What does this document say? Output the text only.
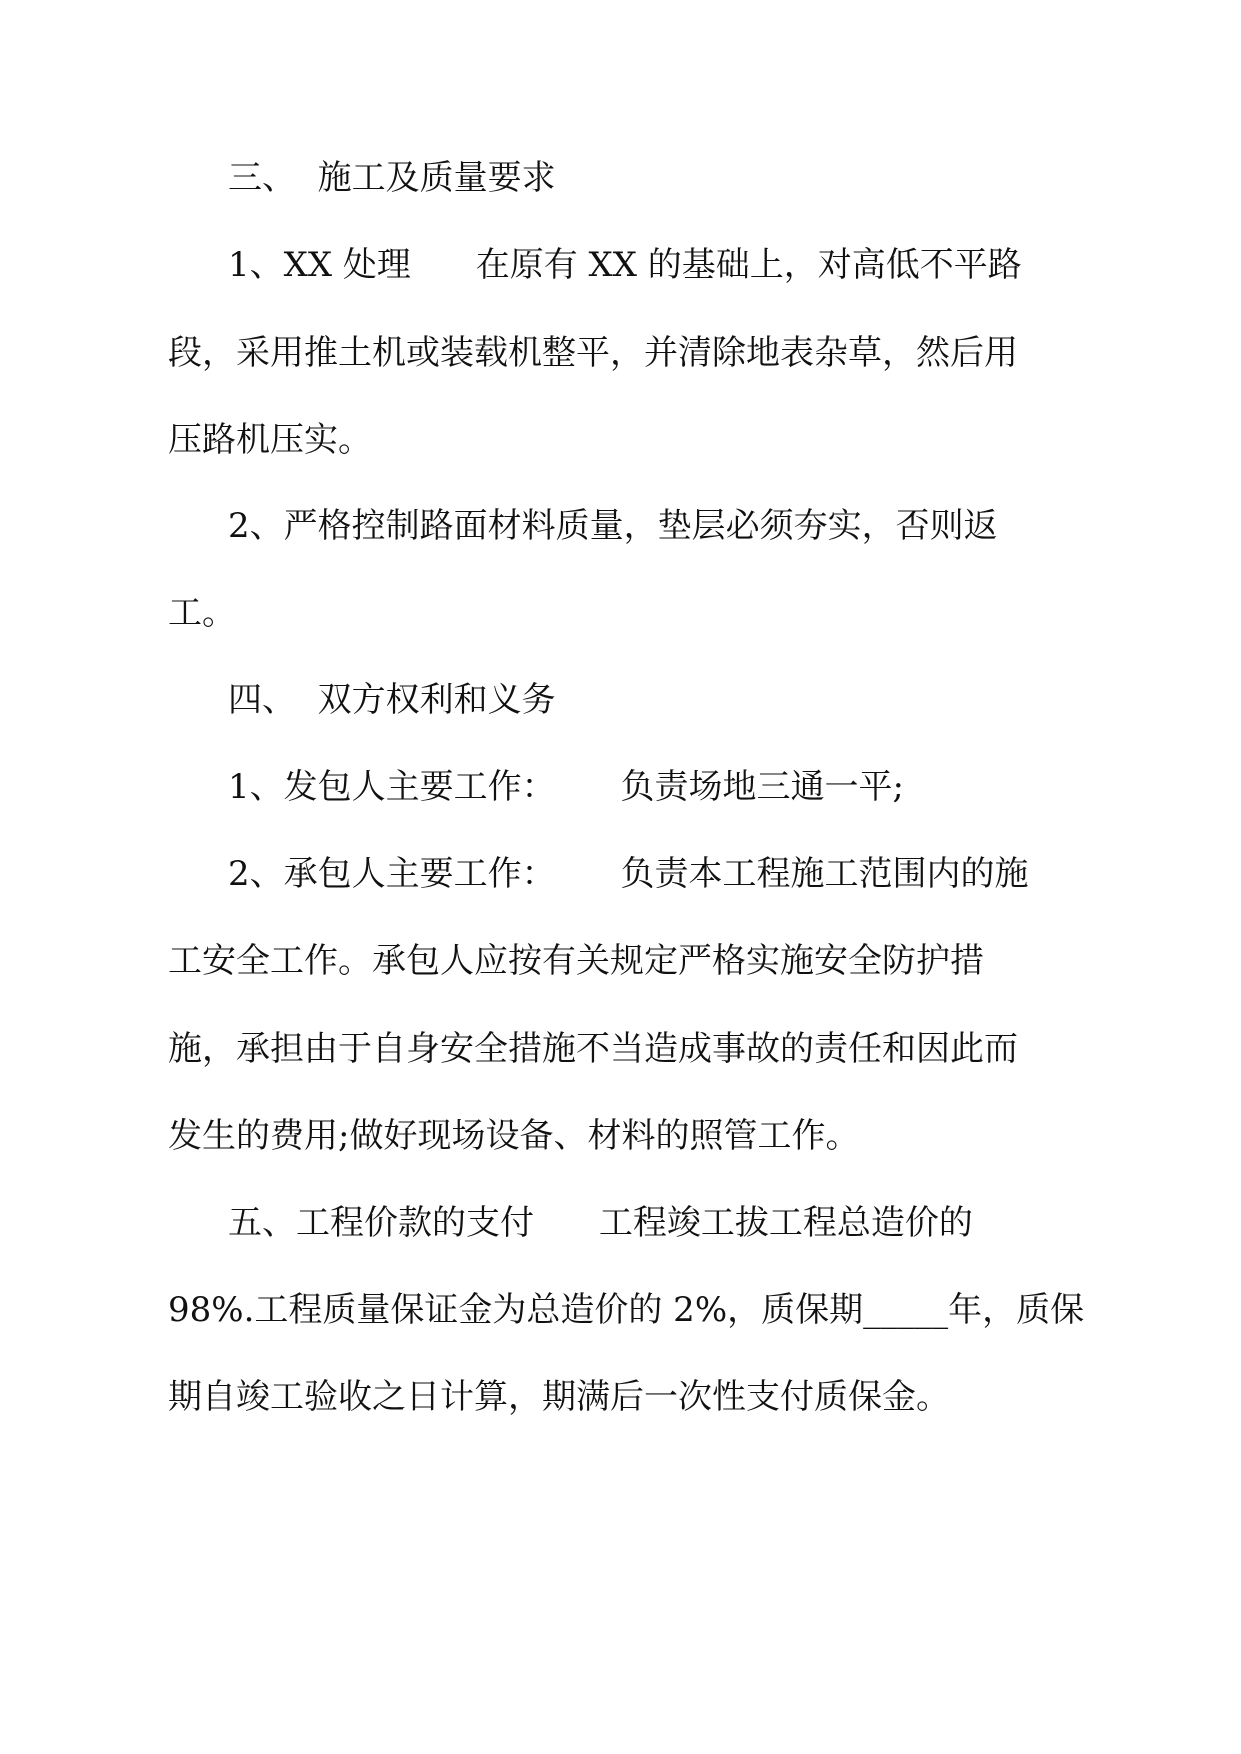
三、  施工及质量要求
1、XX 处理      在原有 XX 的基础上，对高低不平路
段，采用推土机或装载机整平，并清除地表杂草，然后用
压路机压实。
2、严格控制路面材料质量，垫层必须夯实，否则返
工。
四、  双方权利和义务
1、发包人主要工作：      负责场地三通一平;
2、承包人主要工作：      负责本工程施工范围内的施
工安全工作。承包人应按有关规定严格实施安全防护措
施，承担由于自身安全措施不当造成事故的责任和因此而
发生的费用;做好现场设备、材料的照管工作。
五、工程价款的支付      工程竣工拔工程总造价的
98%.工程质量保证金为总造价的 2%，质保期_____年，质保
期自竣工验收之日计算，期满后一次性支付质保金。
